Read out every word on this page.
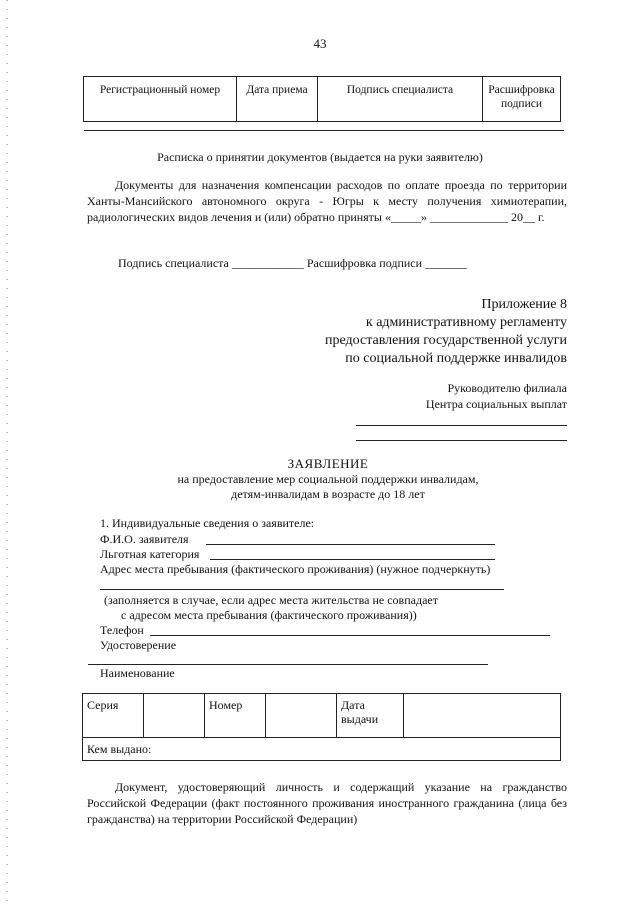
43
Регистрационный номер	Дата приема	Подпись специалиста	Расшифровка подписи
Расписка о принятии документов (выдается на руки заявителю)

Документы для назначения компенсации расходов по оплате проезда по территории Ханты-Мансийского автономного округа - Югры к месту получения химиотерапии, радиологических видов лечения и (или) обратно приняты «_____» _____________ 20__ г.

Подпись специалиста ____________ Расшифровка подписи _______
Приложение 8
к административному регламенту
предоставления государственной услуги
по социальной поддержке инвалидов
Руководителю филиала
Центра социальных выплат
ЗАЯВЛЕНИЕ
на предоставление мер социальной поддержки инвалидам,
детям-инвалидам в возрасте до 18 лет
1. Индивидуальные сведения о заявителе:
Ф.И.О. заявителя
Льготная категория
Адрес места пребывания (фактического проживания) (нужное подчеркнуть)
(заполняется в случае, если адрес места жительства не совпадает
с адресом места пребывания (фактического проживания))
Телефон
Удостоверение
Наименование
Серия		Номер		Дата
выдачи

Кем выдано:

Документ, удостоверяющий личность и содержащий указание на гражданство Российской Федерации (факт постоянного проживания иностранного гражданина (лица без гражданства) на территории Российской Федерации)
